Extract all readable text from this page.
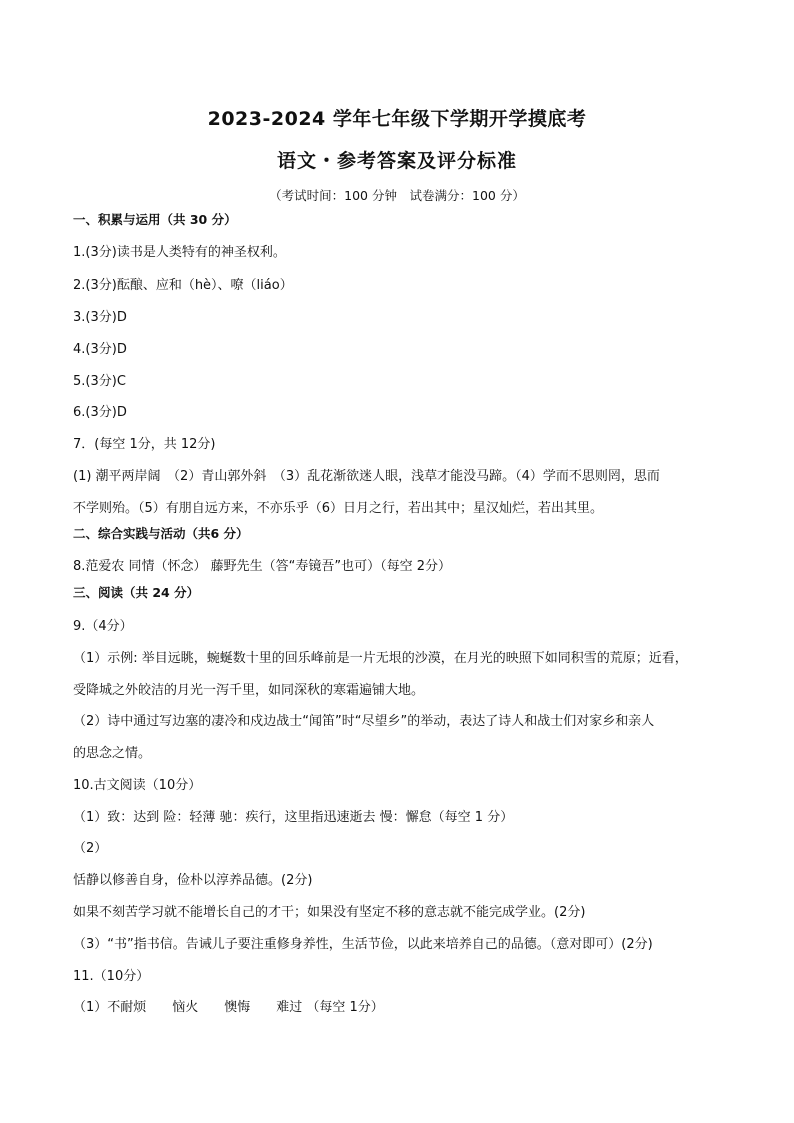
2023-2024 学年七年级下学期开学摸底考
语文・参考答案及评分标准
（考试时间：100 分钟　试卷满分：100 分）
一、积累与运用（共 30 分）
1.(3分)读书是人类特有的神圣权利。
2.(3分)酝酿、应和（hè）、嘹（liáo）
3.(3分)D
4.(3分)D
5.(3分)C
6.(3分)D
7．(每空 1分，共 12分)
(1) 潮平两岸阔　（2）青山郭外斜　（3）乱花渐欲迷人眼，浅草才能没马蹄。（4）学而不思则罔，思而
不学则殆。（5）有朋自远方来，不亦乐乎（6）日月之行，若出其中；星汉灿烂，若出其里。
二、综合实践与活动（共6 分）
8.范爱农 同情（怀念） 藤野先生（答“寿镜吾”也可）（每空 2分）
三、阅读（共 24 分）
9.（4分）
（1）示例: 举目远眺，蜿蜒数十里的回乐峰前是一片无垠的沙漠，在月光的映照下如同积雪的荒原；近看，
受降城之外皎洁的月光一泻千里，如同深秋的寒霜遍铺大地。
（2）诗中通过写边塞的凄冷和戍边战士“闻笛”时“尽望乡”的举动，表达了诗人和战士们对家乡和亲人
的思念之情。
10.古文阅读（10分）
（1）致：达到 险：轻薄 驰：疾行，这里指迅速逝去 慢：懈怠（每空 1 分）
（2）
恬静以修善自身，俭朴以淳养品德。(2分)
如果不刻苦学习就不能增长自己的才干；如果没有坚定不移的意志就不能完成学业。(2分)
（3）“书”指书信。告诫儿子要注重修身养性，生活节俭，以此来培养自己的品德。（意对即可）(2分)
11.（10分）
（1）不耐烦　　恼火　　懊悔　　难过 （每空 1分）
